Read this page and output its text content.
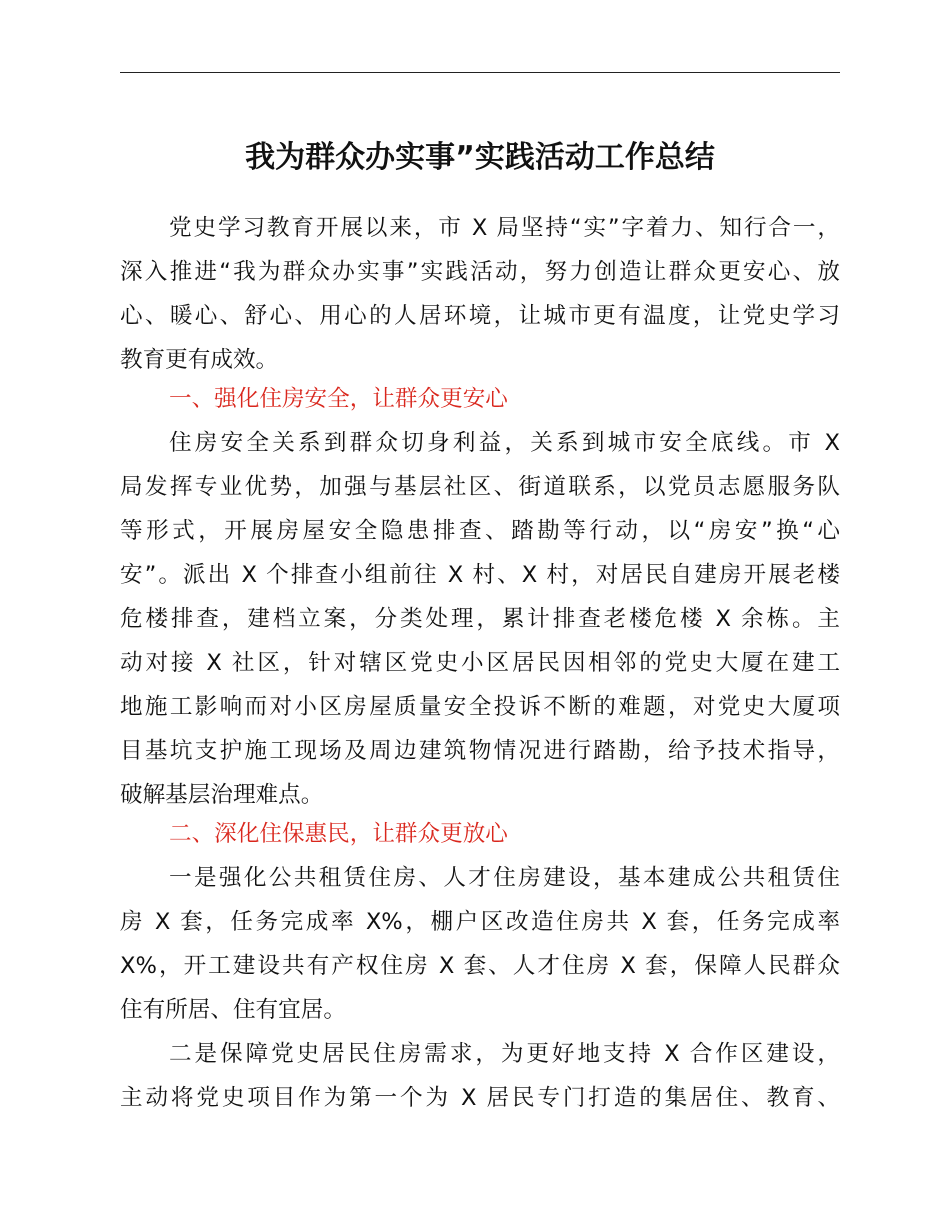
我为群众办实事”实践活动工作总结
党史学习教育开展以来，市 X 局坚持“实”字着力、知行合一，
深入推进“我为群众办实事”实践活动，努力创造让群众更安心、放
心、暖心、舒心、用心的人居环境，让城市更有温度，让党史学习
教育更有成效。
一、强化住房安全，让群众更安心
住房安全关系到群众切身利益，关系到城市安全底线。市 X
局发挥专业优势，加强与基层社区、街道联系，以党员志愿服务队
等形式，开展房屋安全隐患排查、踏勘等行动，以“房安”换“心
安”。派出 X 个排查小组前往 X 村、X 村，对居民自建房开展老楼
危楼排查，建档立案，分类处理，累计排查老楼危楼 X 余栋。主
动对接 X 社区，针对辖区党史小区居民因相邻的党史大厦在建工
地施工影响而对小区房屋质量安全投诉不断的难题，对党史大厦项
目基坑支护施工现场及周边建筑物情况进行踏勘，给予技术指导，
破解基层治理难点。
二、深化住保惠民，让群众更放心
一是强化公共租赁住房、人才住房建设，基本建成公共租赁住
房 X 套，任务完成率 X%，棚户区改造住房共 X 套，任务完成率
X%，开工建设共有产权住房 X 套、人才住房 X 套，保障人民群众
住有所居、住有宜居。
二是保障党史居民住房需求，为更好地支持 X 合作区建设，
主动将党史项目作为第一个为 X 居民专门打造的集居住、教育、
